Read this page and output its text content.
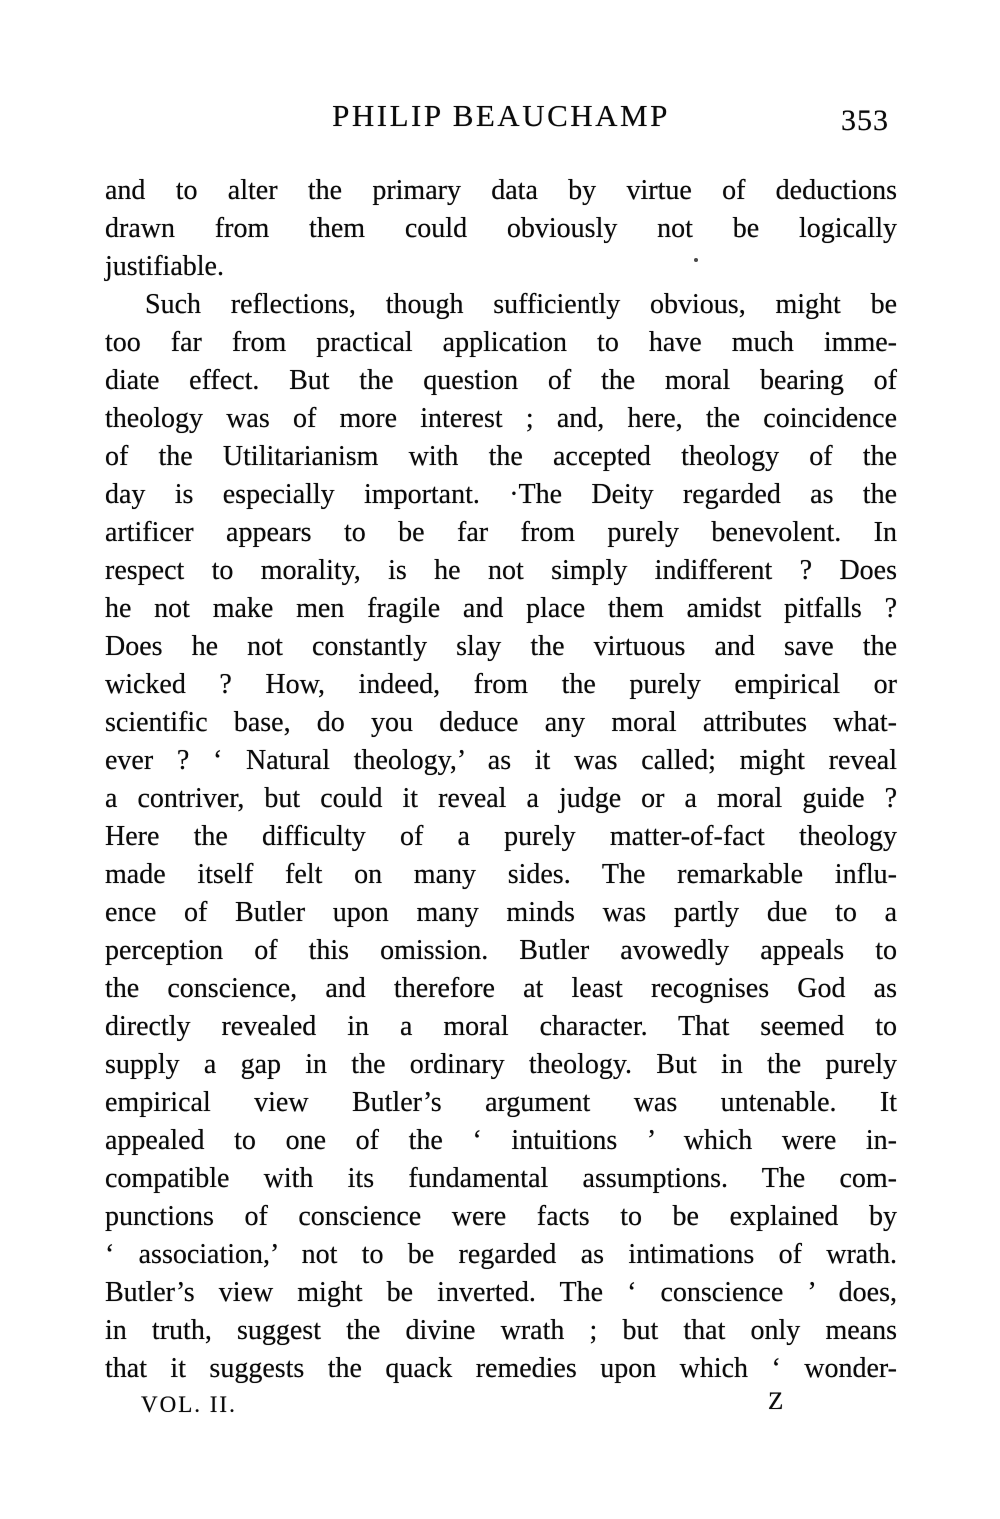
PHILIP BEAUCHAMP	353
and to alter the primary data by virtue of deductions
drawn from them could obviously not be logically
justifiable.
Such reflections, though sufficiently obvious, might be
too far from practical application to have much imme-
diate effect. But the question of the moral bearing of
theology was of more interest ; and, here, the coincidence
of the Utilitarianism with the accepted theology of the
day is especially important. ·The Deity regarded as the
artificer appears to be far from purely benevolent. In
respect to morality, is he not simply indifferent ? Does
he not make men fragile and place them amidst pitfalls ?
Does he not constantly slay the virtuous and save the
wicked ? How, indeed, from the purely empirical or
scientific base, do you deduce any moral attributes what-
ever ? ‘ Natural theology,’ as it was called; might reveal
a contriver, but could it reveal a judge or a moral guide ?
Here the difficulty of a purely matter-of-fact theology
made itself felt on many sides. The remarkable influ-
ence of Butler upon many minds was partly due to a
perception of this omission. Butler avowedly appeals to
the conscience, and therefore at least recognises God as
directly revealed in a moral character. That seemed to
supply a gap in the ordinary theology. But in the purely
empirical view Butler’s argument was untenable. It
appealed to one of the ‘ intuitions ’ which were in-
compatible with its fundamental assumptions. The com-
punctions of conscience were facts to be explained by
‘ association,’ not to be regarded as intimations of wrath.
Butler’s view might be inverted. The ‘ conscience ’ does,
in truth, suggest the divine wrath ; but that only means
that it suggests the quack remedies upon which ‘ wonder-
VOL. II.	Z
